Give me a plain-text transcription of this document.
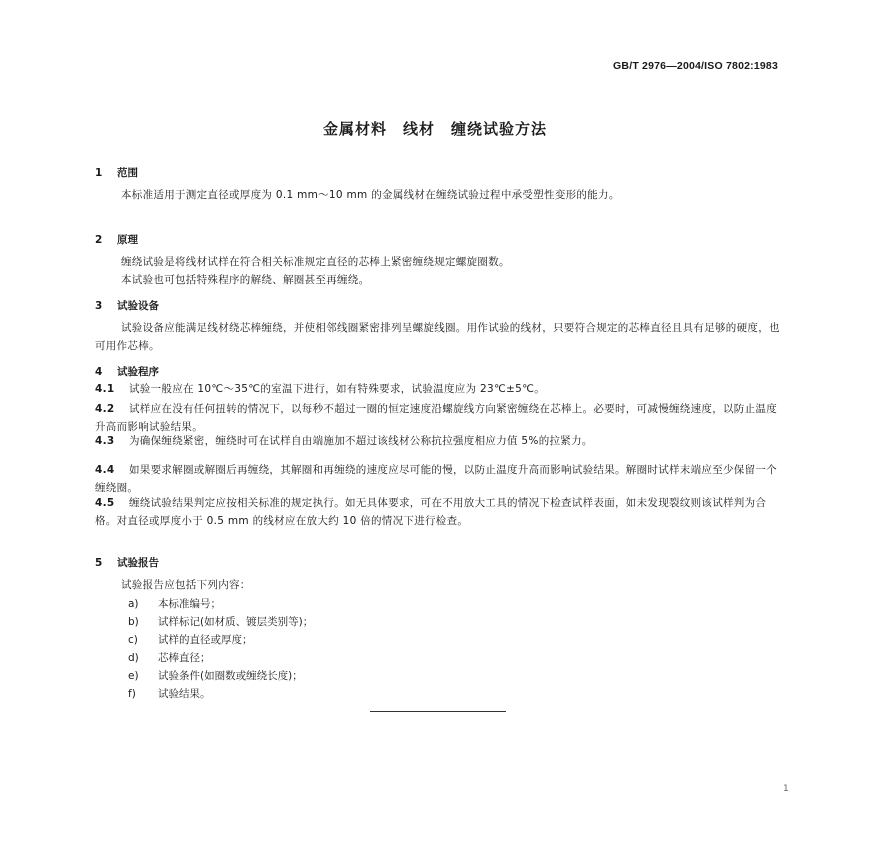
GB/T 2976—2004/ISO 7802:1983
金属材料　线材　缠绕试验方法
1 范围
本标准适用于测定直径或厚度为 0.1 mm～10 mm 的金属线材在缠绕试验过程中承受塑性变形的能力。
2 原理
缠绕试验是将线材试样在符合相关标准规定直径的芯棒上紧密缠绕规定螺旋圈数。
本试验也可包括特殊程序的解绕、解圈甚至再缠绕。
3 试验设备
试验设备应能满足线材绕芯棒缠绕，并使相邻线圈紧密排列呈螺旋线圈。用作试验的线材，只要符合规定的芯棒直径且具有足够的硬度，也可用作芯棒。
4 试验程序
4.1 试验一般应在 10℃～35℃的室温下进行，如有特殊要求，试验温度应为 23℃±5℃。
4.2 试样应在没有任何扭转的情况下，以每秒不超过一圈的恒定速度沿螺旋线方向紧密缠绕在芯棒上。必要时，可减慢缠绕速度，以防止温度升高而影响试验结果。
4.3 为确保缠绕紧密，缠绕时可在试样自由端施加不超过该线材公称抗拉强度相应力值 5%的拉紧力。
4.4 如果要求解圈或解圈后再缠绕，其解圈和再缠绕的速度应尽可能的慢，以防止温度升高而影响试验结果。解圈时试样末端应至少保留一个缠绕圈。
4.5 缠绕试验结果判定应按相关标准的规定执行。如无具体要求，可在不用放大工具的情况下检查试样表面，如未发现裂纹则该试样判为合格。对直径或厚度小于 0.5 mm 的线材应在放大约 10 倍的情况下进行检查。
5 试验报告
试验报告应包括下列内容：
a) 本标准编号；
b) 试样标记(如材质、镀层类别等)；
c) 试样的直径或厚度；
d) 芯棒直径；
e) 试验条件(如圈数或缠绕长度)；
f) 试验结果。
1
